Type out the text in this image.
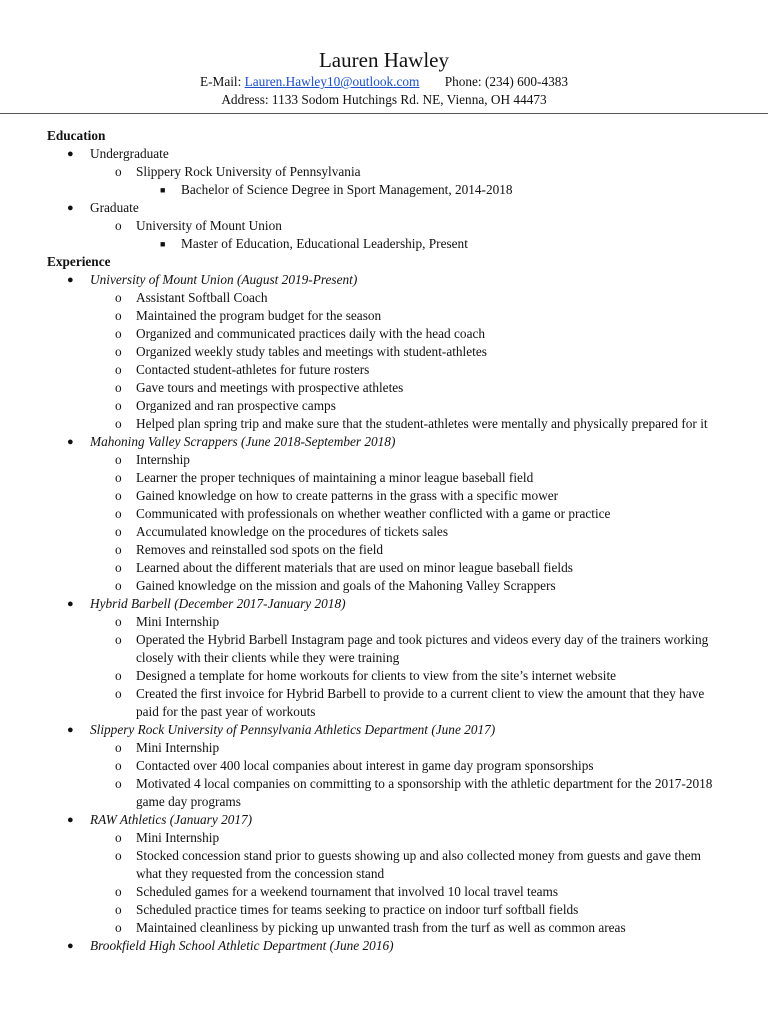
Lauren Hawley
E-Mail: Lauren.Hawley10@outlook.com Phone: (234) 600-4383
Address: 1133 Sodom Hutchings Rd. NE, Vienna, OH 44473
Education
● Undergraduate
o Slippery Rock University of Pennsylvania
■ Bachelor of Science Degree in Sport Management, 2014-2018
● Graduate
o University of Mount Union
■ Master of Education, Educational Leadership, Present
Experience
● University of Mount Union (August 2019-Present)
o Assistant Softball Coach
o Maintained the program budget for the season
o Organized and communicated practices daily with the head coach
o Organized weekly study tables and meetings with student-athletes
o Contacted student-athletes for future rosters
o Gave tours and meetings with prospective athletes
o Organized and ran prospective camps
o Helped plan spring trip and make sure that the student-athletes were mentally and physically prepared for it
● Mahoning Valley Scrappers (June 2018-September 2018)
o Internship
o Learner the proper techniques of maintaining a minor league baseball field
o Gained knowledge on how to create patterns in the grass with a specific mower
o Communicated with professionals on whether weather conflicted with a game or practice
o Accumulated knowledge on the procedures of tickets sales
o Removes and reinstalled sod spots on the field
o Learned about the different materials that are used on minor league baseball fields
o Gained knowledge on the mission and goals of the Mahoning Valley Scrappers
● Hybrid Barbell (December 2017-January 2018)
o Mini Internship
o Operated the Hybrid Barbell Instagram page and took pictures and videos every day of the trainers working closely with their clients while they were training
o Designed a template for home workouts for clients to view from the site’s internet website
o Created the first invoice for Hybrid Barbell to provide to a current client to view the amount that they have paid for the past year of workouts
● Slippery Rock University of Pennsylvania Athletics Department (June 2017)
o Mini Internship
o Contacted over 400 local companies about interest in game day program sponsorships
o Motivated 4 local companies on committing to a sponsorship with the athletic department for the 2017-2018 game day programs
● RAW Athletics (January 2017)
o Mini Internship
o Stocked concession stand prior to guests showing up and also collected money from guests and gave them what they requested from the concession stand
o Scheduled games for a weekend tournament that involved 10 local travel teams
o Scheduled practice times for teams seeking to practice on indoor turf softball fields
o Maintained cleanliness by picking up unwanted trash from the turf as well as common areas
● Brookfield High School Athletic Department (June 2016)
